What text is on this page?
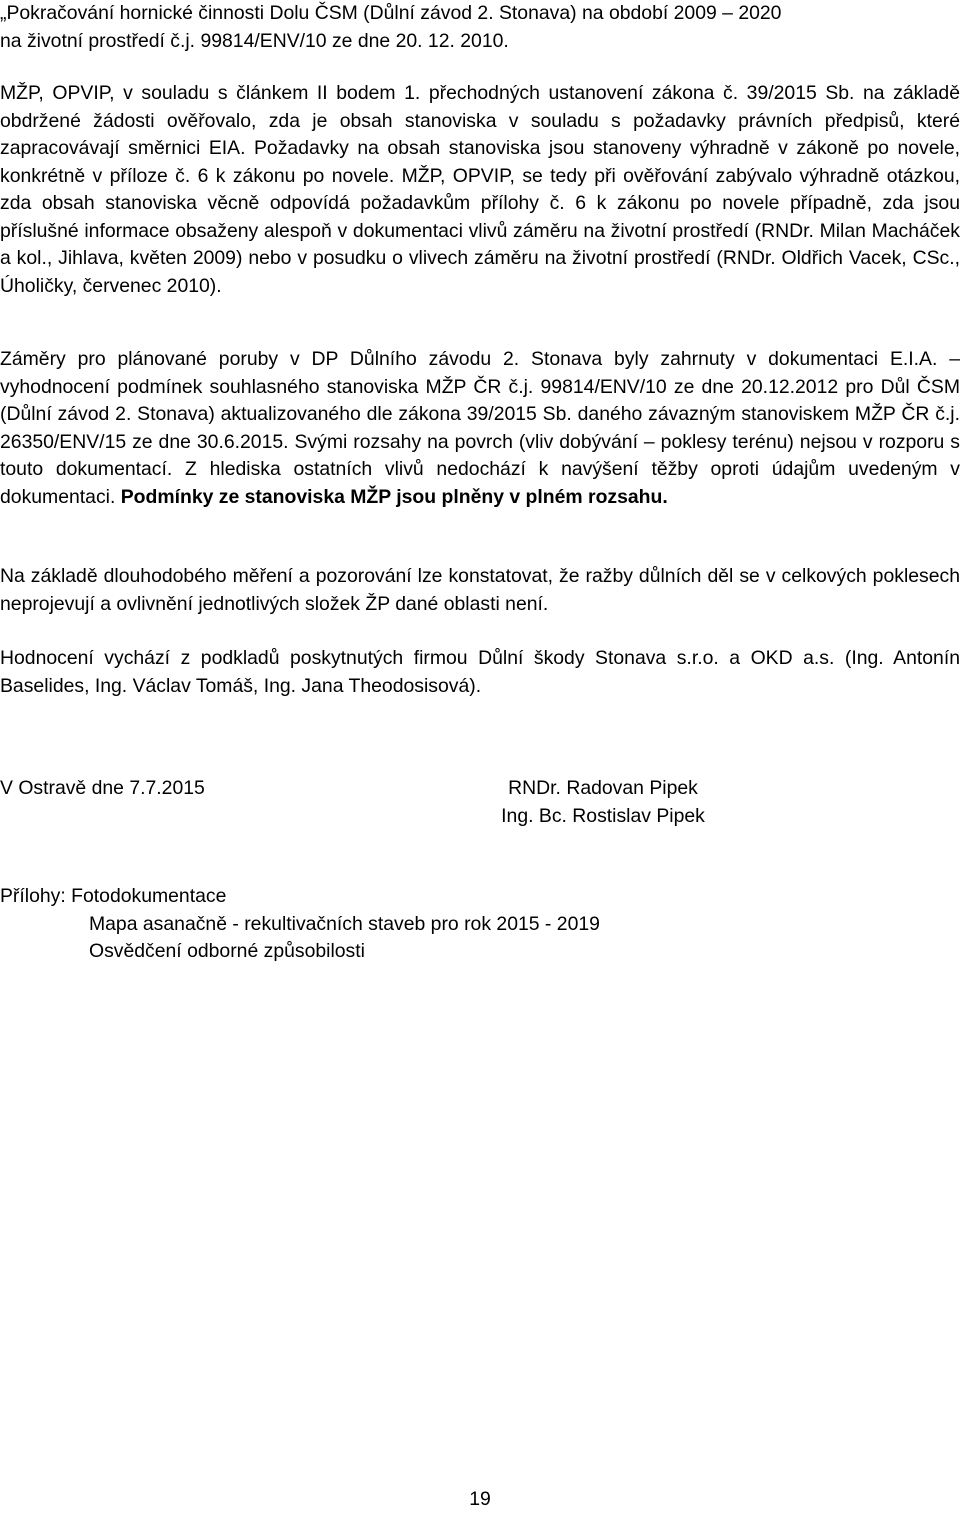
„Pokračování hornické činnosti Dolu ČSM (Důlní závod 2. Stonava) na období 2009 – 2020
na životní prostředí č.j. 99814/ENV/10 ze dne 20. 12. 2010.

MŽP, OPVIP, v souladu s článkem II bodem 1. přechodných ustanovení zákona č. 39/2015 Sb. na základě obdržené žádosti ověřovalo, zda je obsah stanoviska v souladu s požadavky právních předpisů, které zapracovávají směrnici EIA. Požadavky na obsah stanoviska jsou stanoveny výhradně v zákoně po novele, konkrétně v příloze č. 6 k zákonu po novele. MŽP, OPVIP, se tedy při ověřování zabývalo výhradně otázkou, zda obsah stanoviska věcně odpovídá požadavkům přílohy č. 6 k zákonu po novele případně, zda jsou příslušné informace obsaženy alespoň v dokumentaci vlivů záměru na životní prostředí (RNDr. Milan Macháček a kol., Jihlava, květen 2009) nebo v posudku o vlivech záměru na životní prostředí (RNDr. Oldřich Vacek, CSc., Úholičky, červenec 2010).

Záměry pro plánované poruby v DP Důlního závodu 2. Stonava byly zahrnuty v dokumentaci E.I.A. – vyhodnocení podmínek souhlasného stanoviska MŽP ČR č.j. 99814/ENV/10 ze dne 20.12.2012 pro Důl ČSM (Důlní závod 2. Stonava) aktualizovaného dle zákona 39/2015 Sb. daného závazným stanoviskem MŽP ČR č.j. 26350/ENV/15 ze dne 30.6.2015. Svými rozsahy na povrch (vliv dobývání – poklesy terénu) nejsou v rozporu s touto dokumentací. Z hlediska ostatních vlivů nedochází k navýšení těžby oproti údajům uvedeným v dokumentaci. Podmínky ze stanoviska MŽP jsou plněny v plném rozsahu.

Na základě dlouhodobého měření a pozorování lze konstatovat, že ražby důlních děl se v celkových poklesech neprojevují a ovlivnění jednotlivých složek ŽP dané oblasti není.

Hodnocení vychází z podkladů poskytnutých firmou Důlní škody Stonava s.r.o. a OKD a.s. (Ing. Antonín Baselides, Ing. Václav Tomáš, Ing. Jana Theodosisová).

V Ostravě dne 7.7.2015	RNDr. Radovan Pipek
Ing. Bc. Rostislav Pipek
Přílohy: Fotodokumentace
Mapa asanačně - rekultivačních staveb pro rok 2015 - 2019
Osvědčení odborné způsobilosti
19
